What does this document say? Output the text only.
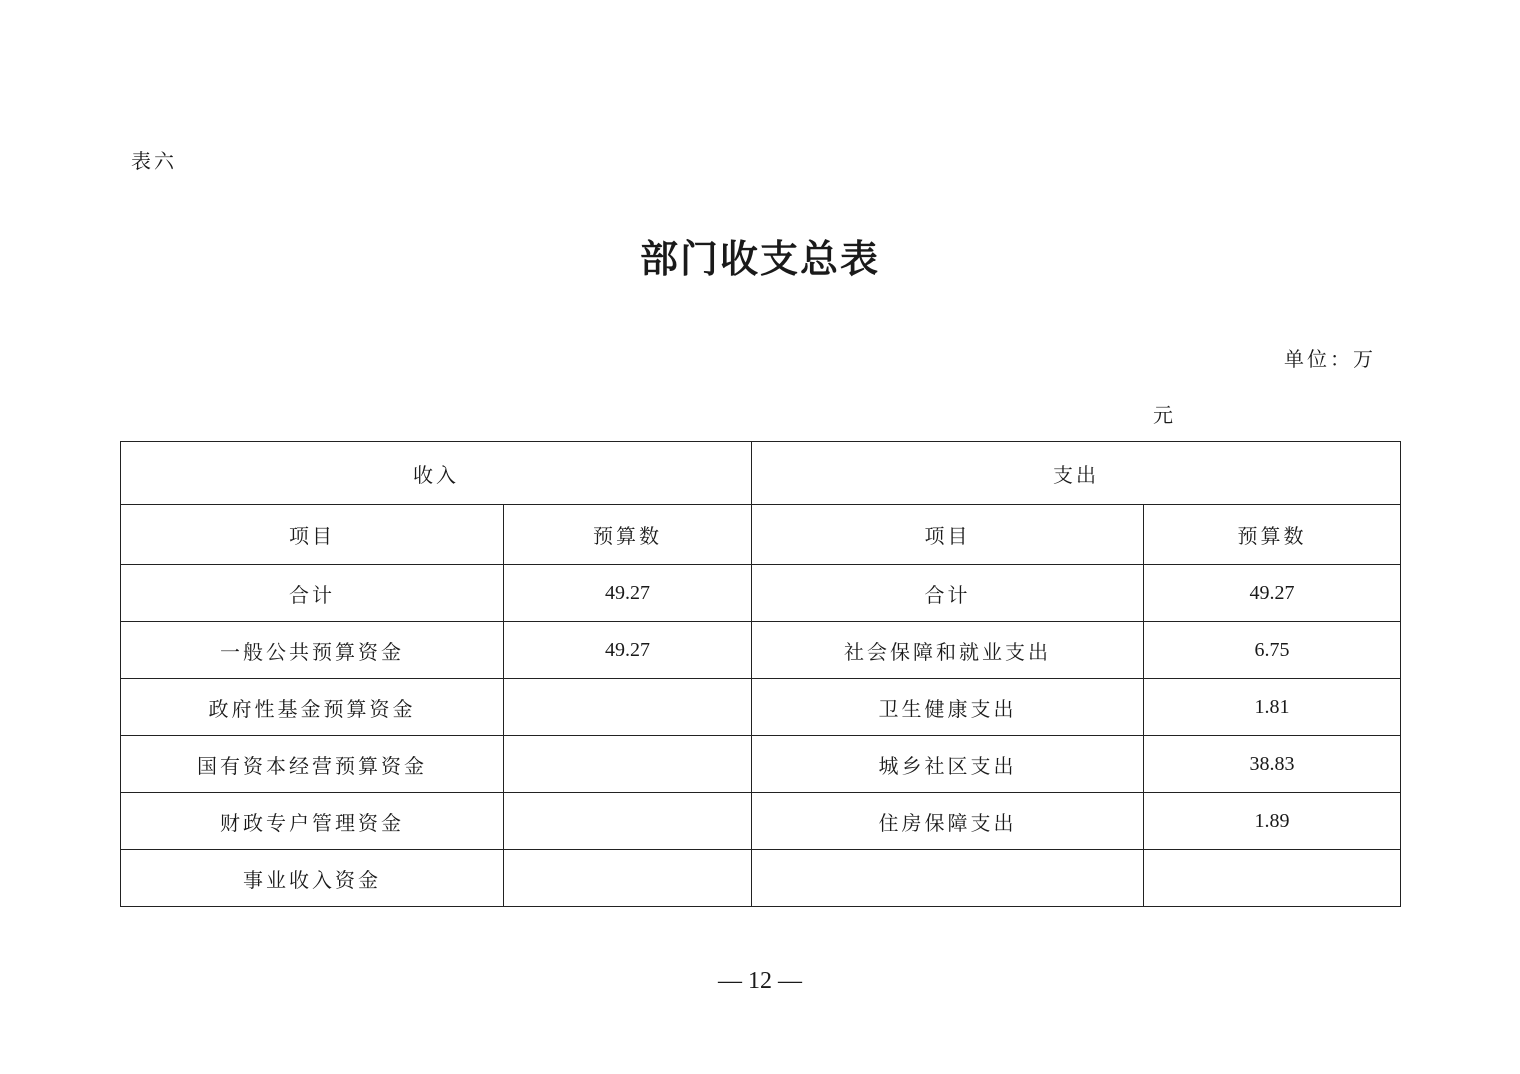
表六
部门收支总表
单位：万
元
收入		支出	
项目	预算数	项目	预算数
合计	49.27	合计	49.27
一般公共预算资金	49.27	社会保障和就业支出	6.75
政府性基金预算资金		卫生健康支出	1.81
国有资本经营预算资金		城乡社区支出	38.83
财政专户管理资金		住房保障支出	1.89
事业收入资金			
— 12 —
